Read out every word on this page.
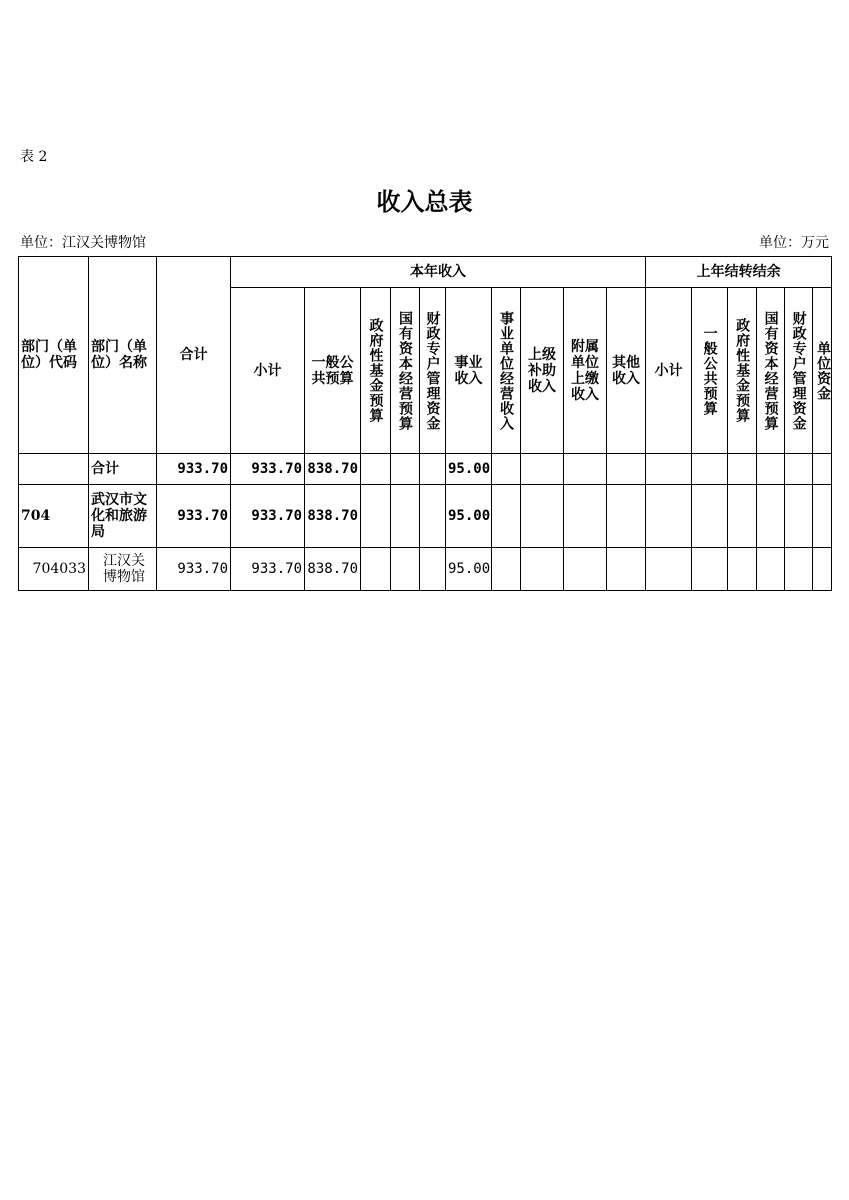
表 2
收入总表
单位：江汉关博物馆	单位：万元
部门（单位）代码	部门（单位）名称	合计	本年收入										上年结转结余					
			小计	一般公共预算	政府性基金预算	国有资本经营预算	财政专户管理资金	事业收入	事业单位经营收入	上级补助收入	附属单位上缴收入	其他收入	小计	一般公共预算	政府性基金预算	国有资本经营预算	财政专户管理资金	单位资金

	合计	933.70	933.70	838.70				95.00										
704	武汉市文化和旅游局	933.70	933.70	838.70				95.00										
704033	江汉关博物馆	933.70	933.70	838.70				95.00										
